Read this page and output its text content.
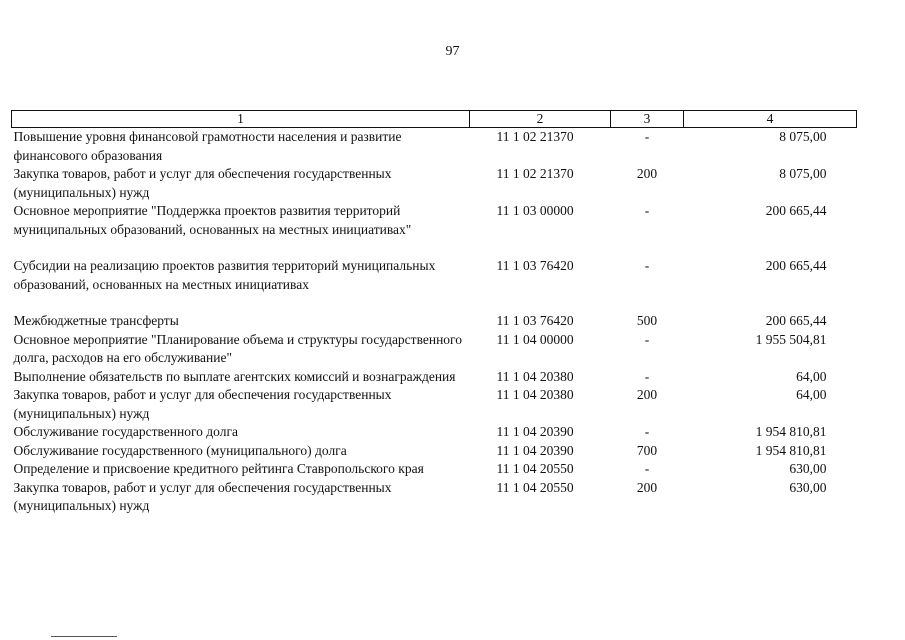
97
1	2	3	4
Повышение уровня финансовой грамотности населения и развитие финансового образования	11 1 02 21370	-	8 075,00
Закупка товаров, работ и услуг для обеспечения государственных (муниципальных) нужд	11 1 02 21370	200	8 075,00
Основное мероприятие "Поддержка проектов развития территорий муниципальных образований, основанных на местных инициативах"	11 1 03 00000	-	200 665,44
Субсидии на реализацию проектов развития территорий муниципальных образований, основанных на местных инициативах	11 1 03 76420	-	200 665,44
Межбюджетные трансферты	11 1 03 76420	500	200 665,44
Основное мероприятие "Планирование объема и структуры государственного долга, расходов на его обслуживание"	11 1 04 00000	-	1 955 504,81
Выполнение обязательств по выплате агентских комиссий и вознаграждения	11 1 04 20380	-	64,00
Закупка товаров, работ и услуг для обеспечения государственных (муниципальных) нужд	11 1 04 20380	200	64,00
Обслуживание государственного долга	11 1 04 20390	-	1 954 810,81
Обслуживание государственного (муниципального) долга	11 1 04 20390	700	1 954 810,81
Определение и присвоение кредитного рейтинга Ставропольского края	11 1 04 20550	-	630,00
Закупка товаров, работ и услуг для обеспечения государственных (муниципальных) нужд	11 1 04 20550	200	630,00
